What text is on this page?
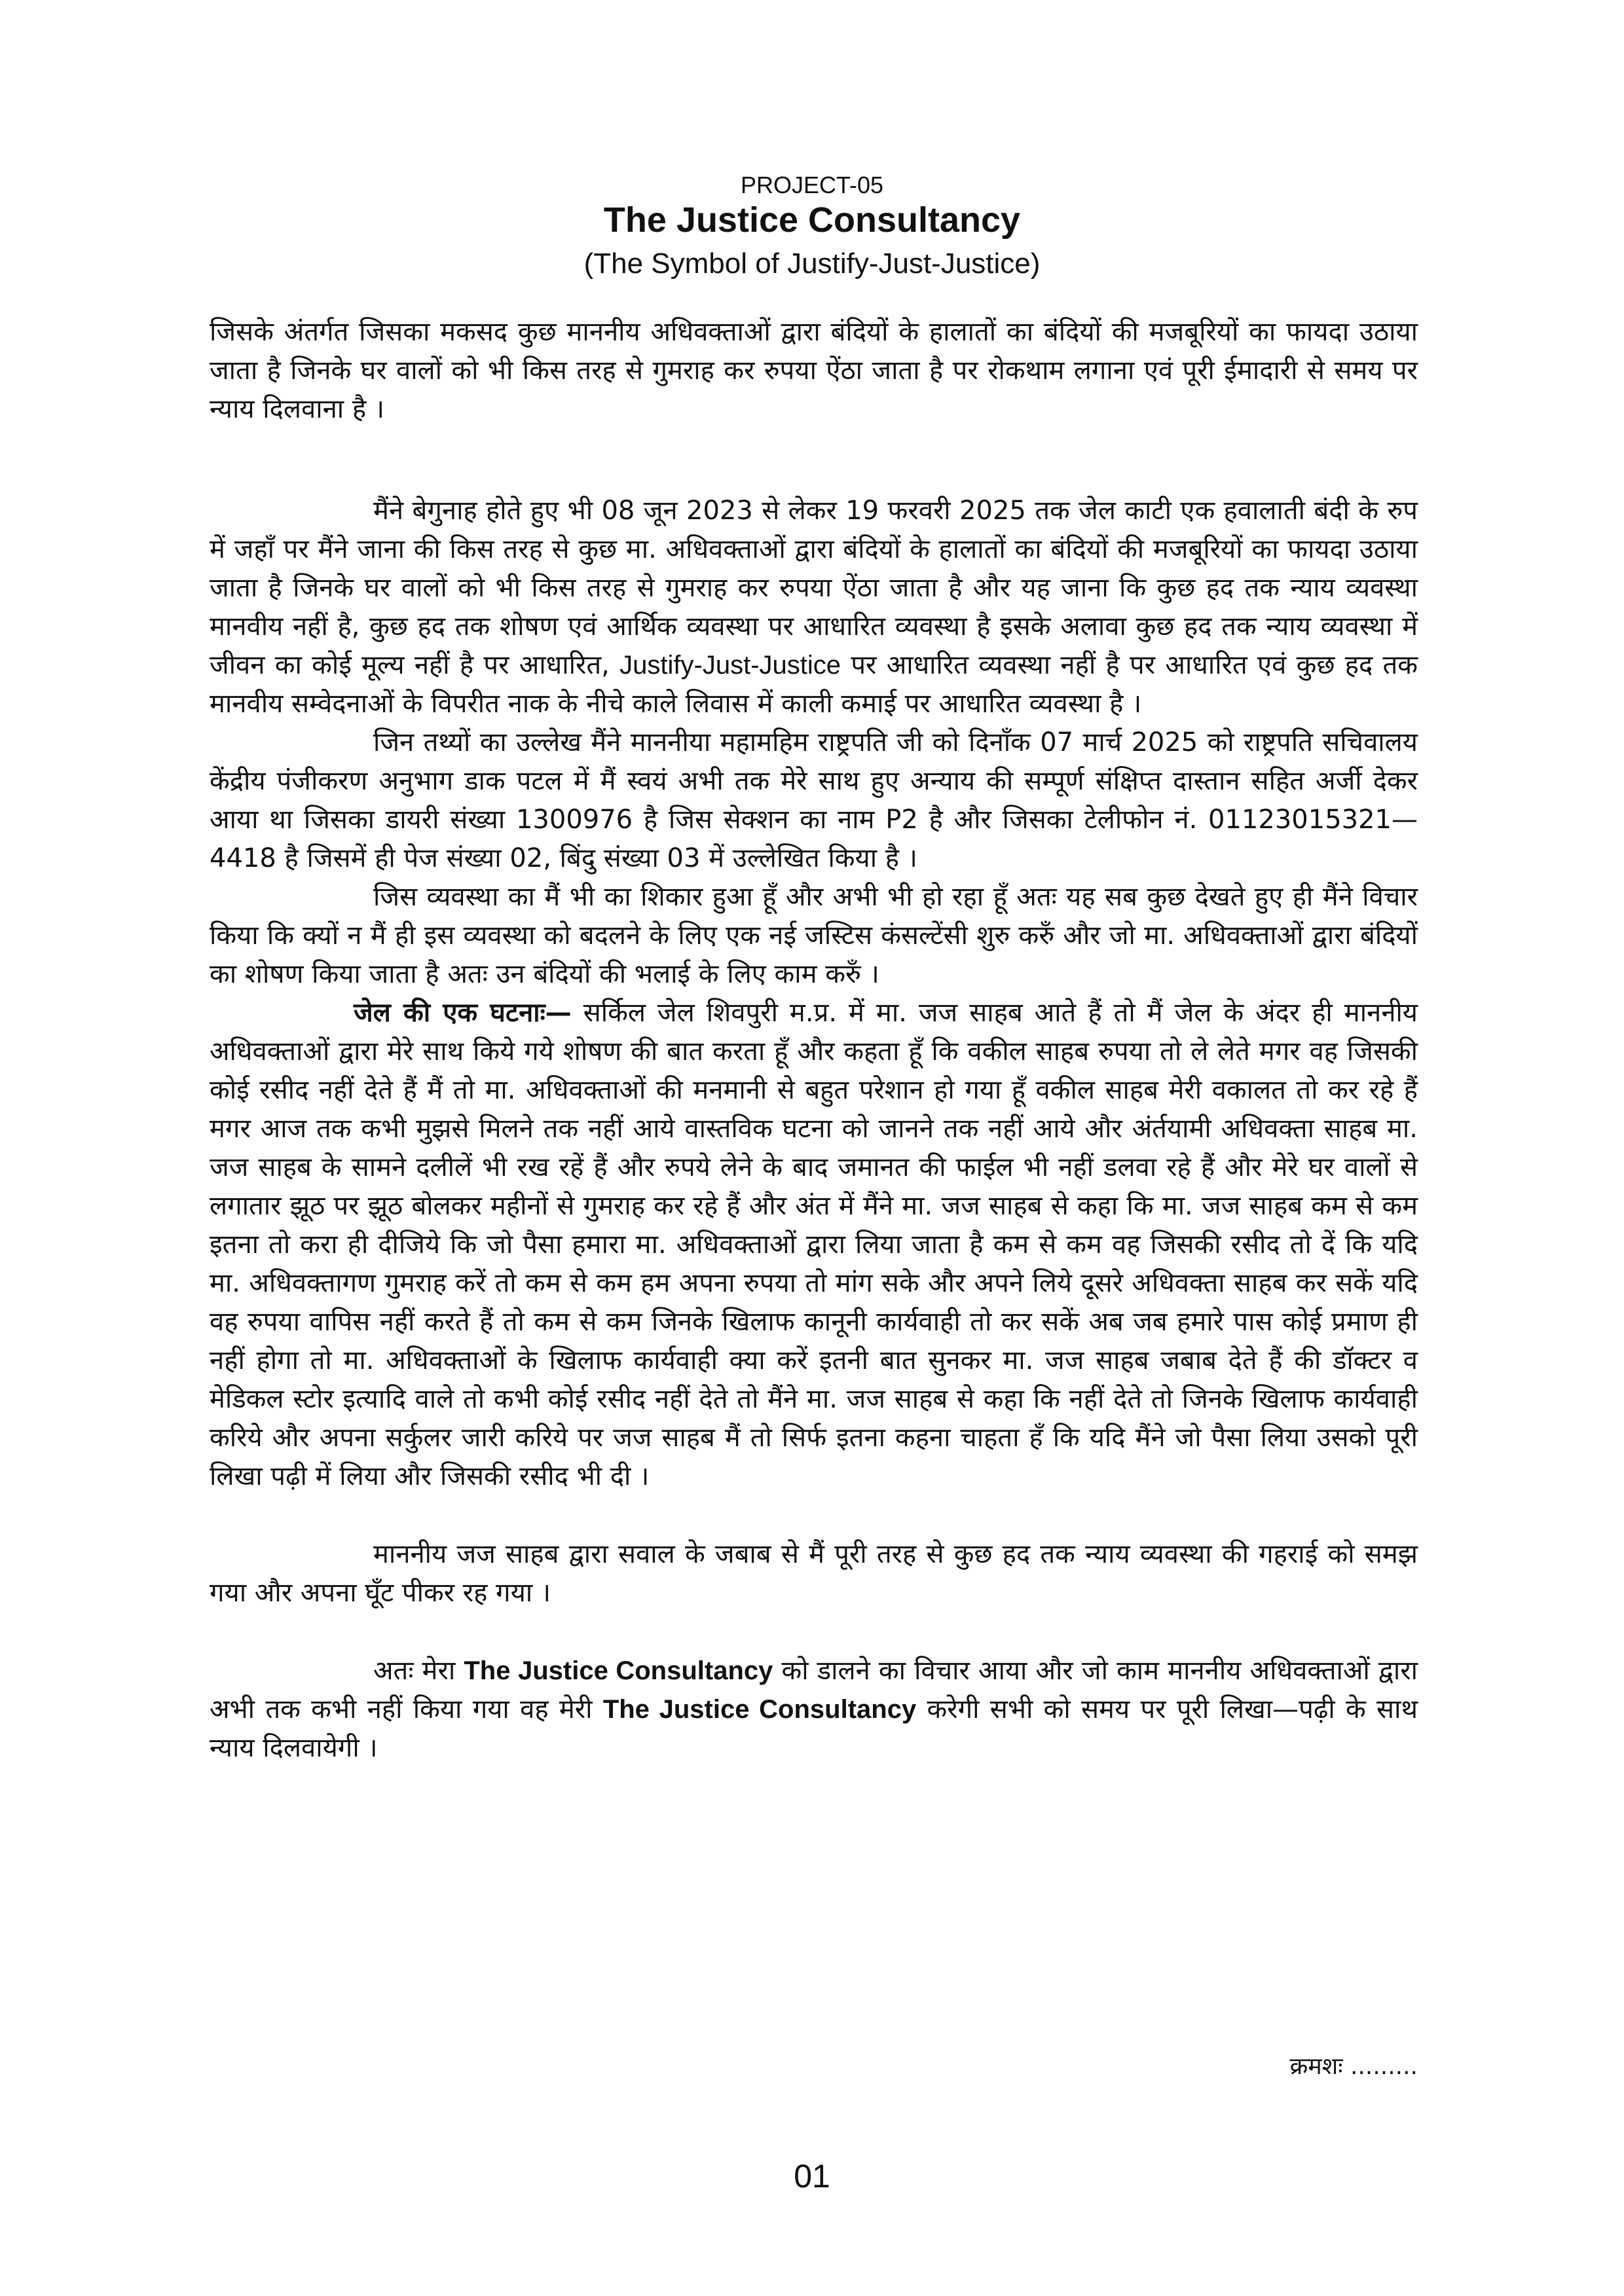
PROJECT-05
The Justice Consultancy
(The Symbol of Justify-Just-Justice)

जिसके अंतर्गत जिसका मकसद कुछ माननीय अधिवक्ताओं द्वारा बंदियों के हालातों का बंदियों की मजबूरियों का फायदा उठाया जाता है जिनके घर वालों को भी किस तरह से गुमराह कर रुपया ऐंठा जाता है पर रोकथाम लगाना एवं पूरी ईमादारी से समय पर न्याय दिलवाना है ।

मैंने बेगुनाह होते हुए भी 08 जून 2023 से लेकर 19 फरवरी 2025 तक जेल काटी एक हवालाती बंदी के रुप में जहाँ पर मैंने जाना की किस तरह से कुछ मा. अधिवक्ताओं द्वारा बंदियों के हालातों का बंदियों की मजबूरियों का फायदा उठाया जाता है जिनके घर वालों को भी किस तरह से गुमराह कर रुपया ऐंठा जाता है और यह जाना कि कुछ हद तक न्याय व्यवस्था मानवीय नहीं है, कुछ हद तक शोषण एवं आर्थिक व्यवस्था पर आधारित व्यवस्था है इसके अलावा कुछ हद तक न्याय व्यवस्था में जीवन का कोई मूल्य नहीं है पर आधारित, Justify-Just-Justice पर आधारित व्यवस्था नहीं है पर आधारित एवं कुछ हद तक मानवीय सम्वेदनाओं के विपरीत नाक के नीचे काले लिवास में काली कमाई पर आधारित व्यवस्था है ।

जिन तथ्यों का उल्लेख मैंने माननीया महामहिम राष्ट्रपति जी को दिनाँक 07 मार्च 2025 को राष्ट्रपति सचिवालय केंद्रीय पंजीकरण अनुभाग डाक पटल में मैं स्वयं अभी तक मेरे साथ हुए अन्याय की सम्पूर्ण संक्षिप्त दास्तान सहित अर्जी देकर आया था जिसका डायरी संख्या 1300976 है जिस सेक्शन का नाम P2 है और जिसका टेलीफोन नं. 01123015321—4418 है जिसमें ही पेज संख्या 02, बिंदु संख्या 03 में उल्लेखित किया है ।

जिस व्यवस्था का मैं भी का शिकार हुआ हूँ और अभी भी हो रहा हूँ अतः यह सब कुछ देखते हुए ही मैंने विचार किया कि क्यों न मैं ही इस व्यवस्था को बदलने के लिए एक नई जस्टिस कंसल्टेंसी शुरु करुँ और जो मा. अधिवक्ताओं द्वारा बंदियों का शोषण किया जाता है अतः उन बंदियों की भलाई के लिए काम करुँ ।

जेल की एक घटनाः— सर्किल जेल शिवपुरी म.प्र. में मा. जज साहब आते हैं तो मैं जेल के अंदर ही माननीय अधिवक्ताओं द्वारा मेरे साथ किये गये शोषण की बात करता हूँ और कहता हूँ कि वकील साहब रुपया तो ले लेते मगर वह जिसकी कोई रसीद नहीं देते हैं मैं तो मा. अधिवक्ताओं की मनमानी से बहुत परेशान हो गया हूँ वकील साहब मेरी वकालत तो कर रहे हैं मगर आज तक कभी मुझसे मिलने तक नहीं आये वास्तविक घटना को जानने तक नहीं आये और अंर्तयामी अधिवक्ता साहब मा. जज साहब के सामने दलीलें भी रख रहें हैं और रुपये लेने के बाद जमानत की फाईल भी नहीं डलवा रहे हैं और मेरे घर वालों से लगातार झूठ पर झूठ बोलकर महीनों से गुमराह कर रहे हैं और अंत में मैंने मा. जज साहब से कहा कि मा. जज साहब कम से कम इतना तो करा ही दीजिये कि जो पैसा हमारा मा. अधिवक्ताओं द्वारा लिया जाता है कम से कम वह जिसकी रसीद तो दें कि यदि मा. अधिवक्तागण गुमराह करें तो कम से कम हम अपना रुपया तो मांग सके और अपने लिये दूसरे अधिवक्ता साहब कर सकें यदि वह रुपया वापिस नहीं करते हैं तो कम से कम जिनके खिलाफ कानूनी कार्यवाही तो कर सकें अब जब हमारे पास कोई प्रमाण ही नहीं होगा तो मा. अधिवक्ताओं के खिलाफ कार्यवाही क्या करें इतनी बात सुनकर मा. जज साहब जबाब देते हैं की डॉक्टर व मेडिकल स्टोर इत्यादि वाले तो कभी कोई रसीद नहीं देते तो मैंने मा. जज साहब से कहा कि नहीं देते तो जिनके खिलाफ कार्यवाही करिये और अपना सर्कुलर जारी करिये पर जज साहब मैं तो सिर्फ इतना कहना चाहता हँ कि यदि मैंने जो पैसा लिया उसको पूरी लिखा पढ़ी में लिया और जिसकी रसीद भी दी ।

माननीय जज साहब द्वारा सवाल के जबाब से मैं पूरी तरह से कुछ हद तक न्याय व्यवस्था की गहराई को समझ गया और अपना घूँट पीकर रह गया ।

अतः मेरा The Justice Consultancy को डालने का विचार आया और जो काम माननीय अधिवक्ताओं द्वारा अभी तक कभी नहीं किया गया वह मेरी The Justice Consultancy करेगी सभी को समय पर पूरी लिखा—पढ़ी के साथ न्याय दिलवायेगी ।

क्रमशः .........
01
